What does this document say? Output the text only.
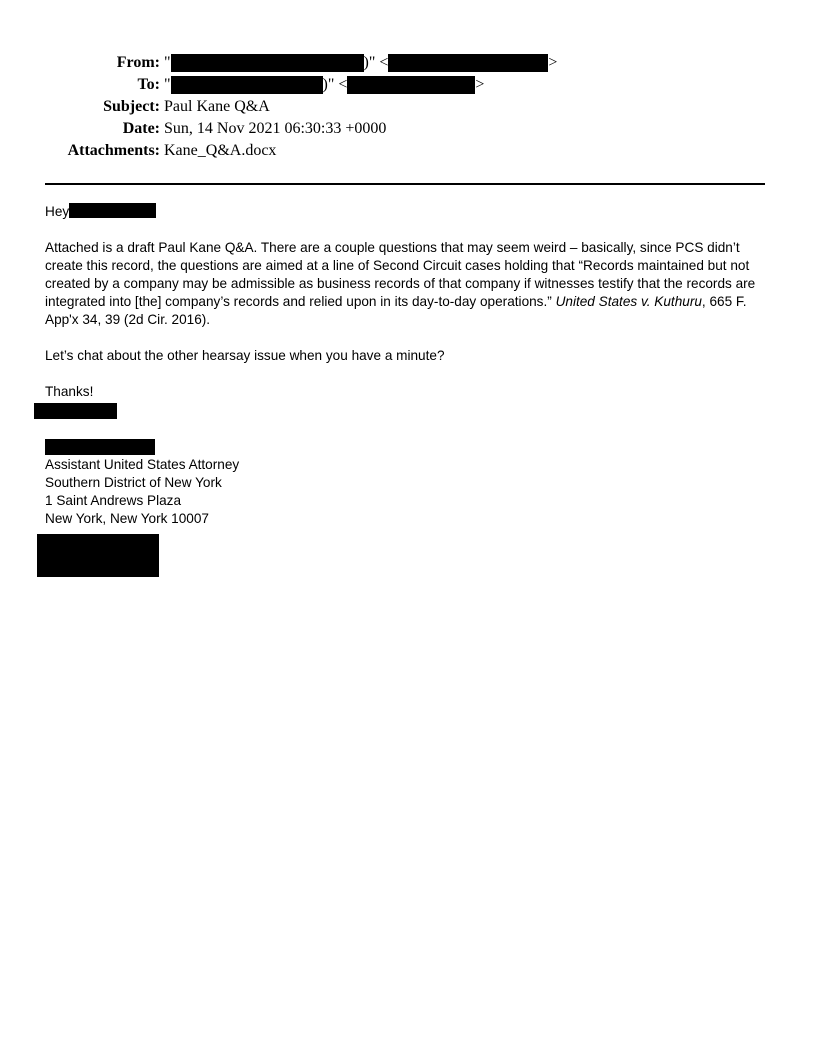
From: "	)" <	>
To: "	)" <	>
Subject: Paul Kane Q&A
Date: Sun, 14 Nov 2021 06:30:33 +0000
Attachments: Kane_Q&A.docx

Hey

Attached is a draft Paul Kane Q&A. There are a couple questions that may seem weird – basically, since PCS didn’t create this record, the questions are aimed at a line of Second Circuit cases holding that “Records maintained but not created by a company may be admissible as business records of that company if witnesses testify that the records are integrated into [the] company’s records and relied upon in its day-to-day operations.” United States v. Kuthuru, 665 F. App'x 34, 39 (2d Cir. 2016).

Let’s chat about the other hearsay issue when you have a minute?

Thanks!

Assistant United States Attorney
Southern District of New York
1 Saint Andrews Plaza
New York, New York 10007
